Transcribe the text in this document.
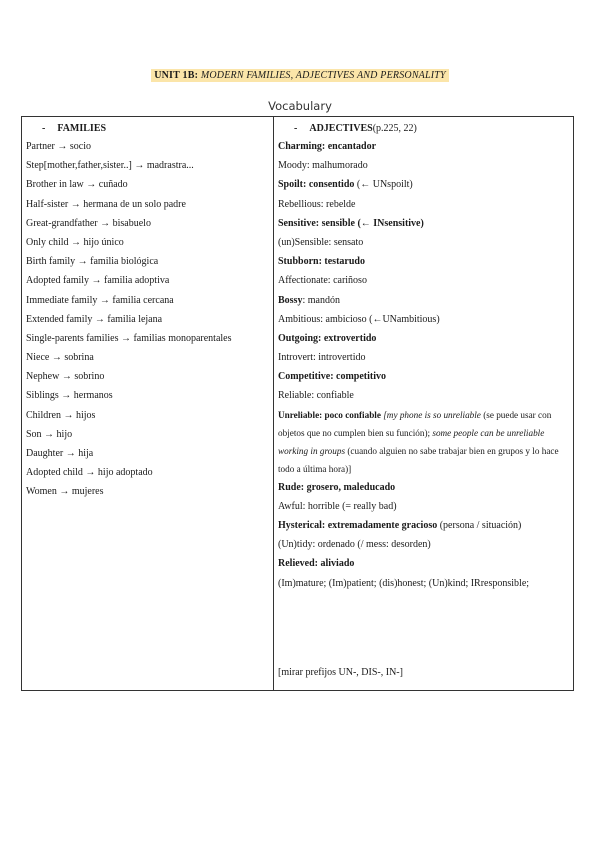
UNIT 1B: MODERN FAMILIES, ADJECTIVES AND PERSONALITY
Vocabulary
- FAMILIES
Partner → socio
Step[mother,father,sister..] → madrastra...
Brother in law → cuñado
Half-sister → hermana de un solo padre
Great-grandfather → bisabuelo
Only child → hijo único
Birth family → familia biológica
Adopted family → familia adoptiva
Immediate family → familia cercana
Extended family → familia lejana
Single-parents families → familias monoparentales
Niece → sobrina
Nephew → sobrino
Siblings → hermanos
Children → hijos
Son → hijo
Daughter → hija
Adopted child → hijo adoptado
Women → mujeres
- ADJECTIVES(p.225, 22)
Charming: encantador
Moody: malhumorado
Spoilt: consentido (← UNspoilt)
Rebellious: rebelde
Sensitive: sensible (← INsensitive)
(un)Sensible: sensato
Stubborn: testarudo
Affectionate: cariñoso
Bossy: mandón
Ambitious: ambicioso (←UNambitious)
Outgoing: extrovertido
Introvert: introvertido
Competitive: competitivo
Reliable: confiable
Unreliable: poco confiable [my phone is so unreliable (se puede usar con objetos que no cumplen bien su función); some people can be unreliable working in groups (cuando alguien no sabe trabajar bien en grupos y lo hace todo a última hora)]
Rude: grosero, maleducado
Awful: horrible (= really bad)
Hysterical: extremadamente gracioso (persona / situación)
(Un)tidy: ordenado (/ mess: desorden)
Relieved: aliviado
(Im)mature; (Im)patient; (dis)honest; (Un)kind; IRresponsible;
[mirar prefijos UN-, DIS-, IN-]
